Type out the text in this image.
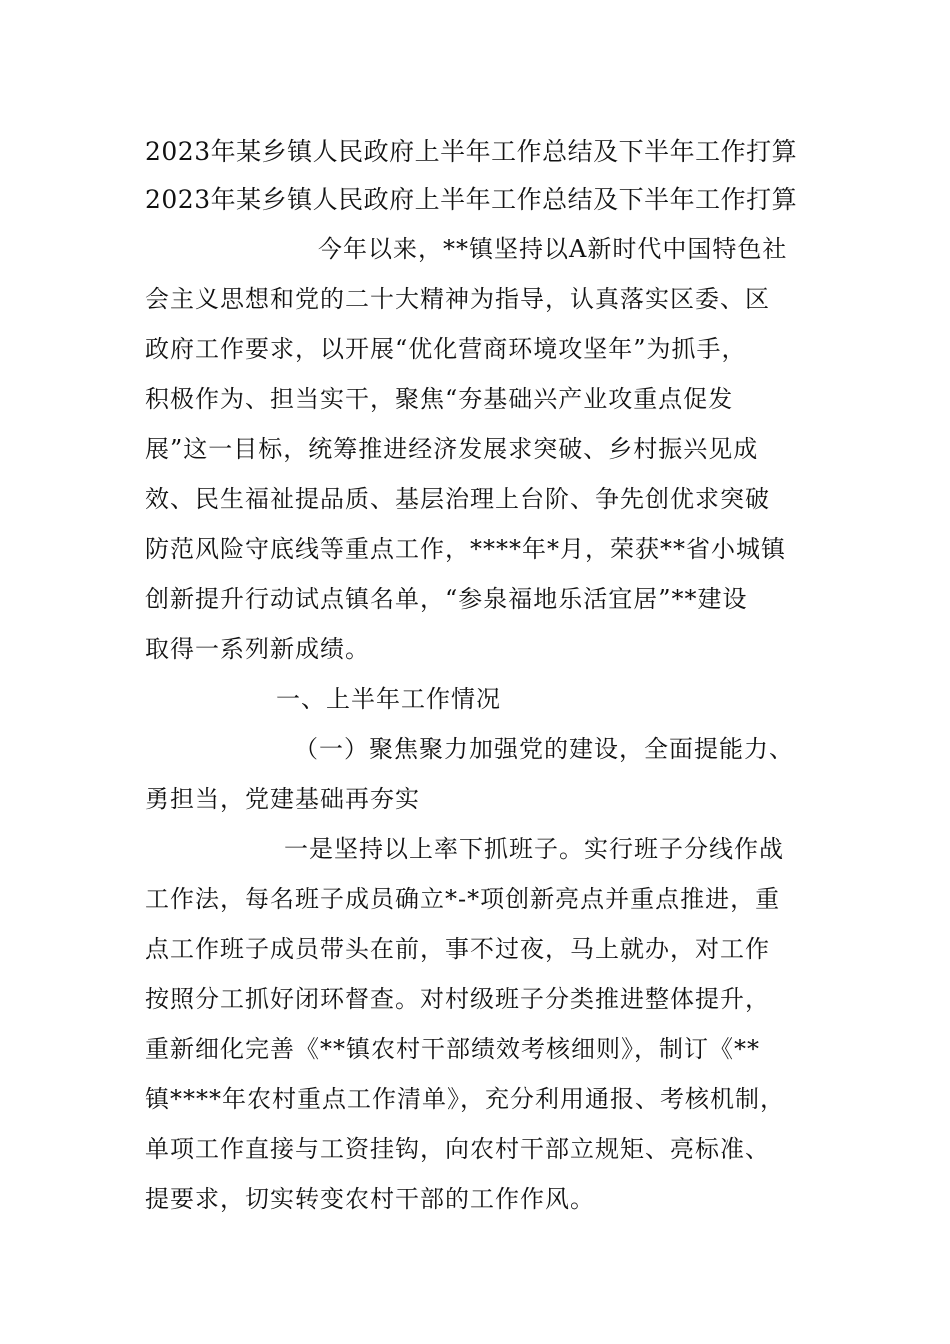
2023年某乡镇人民政府上半年工作总结及下半年工作打算
2023年某乡镇人民政府上半年工作总结及下半年工作打算
今年以来，**镇坚持以A新时代中国特色社
会主义思想和党的二十大精神为指导，认真落实区委、区
政府工作要求，以开展“优化营商环境攻坚年”为抓手，
积极作为、担当实干，聚焦“夯基础兴产业攻重点促发
展”这一目标，统筹推进经济发展求突破、乡村振兴见成
效、民生福祉提品质、基层治理上台阶、争先创优求突破
防范风险守底线等重点工作，****年*月，荣获**省小城镇
创新提升行动试点镇名单，“参泉福地乐活宜居”**建设
取得一系列新成绩。
一、上半年工作情况
（一）聚焦聚力加强党的建设，全面提能力、
勇担当，党建基础再夯实
一是坚持以上率下抓班子。实行班子分线作战
工作法，每名班子成员确立*-*项创新亮点并重点推进，重
点工作班子成员带头在前，事不过夜，马上就办，对工作
按照分工抓好闭环督查。对村级班子分类推进整体提升，
重新细化完善《**镇农村干部绩效考核细则》，制订《**
镇****年农村重点工作清单》，充分利用通报、考核机制，
单项工作直接与工资挂钩，向农村干部立规矩、亮标准、
提要求，切实转变农村干部的工作作风。
